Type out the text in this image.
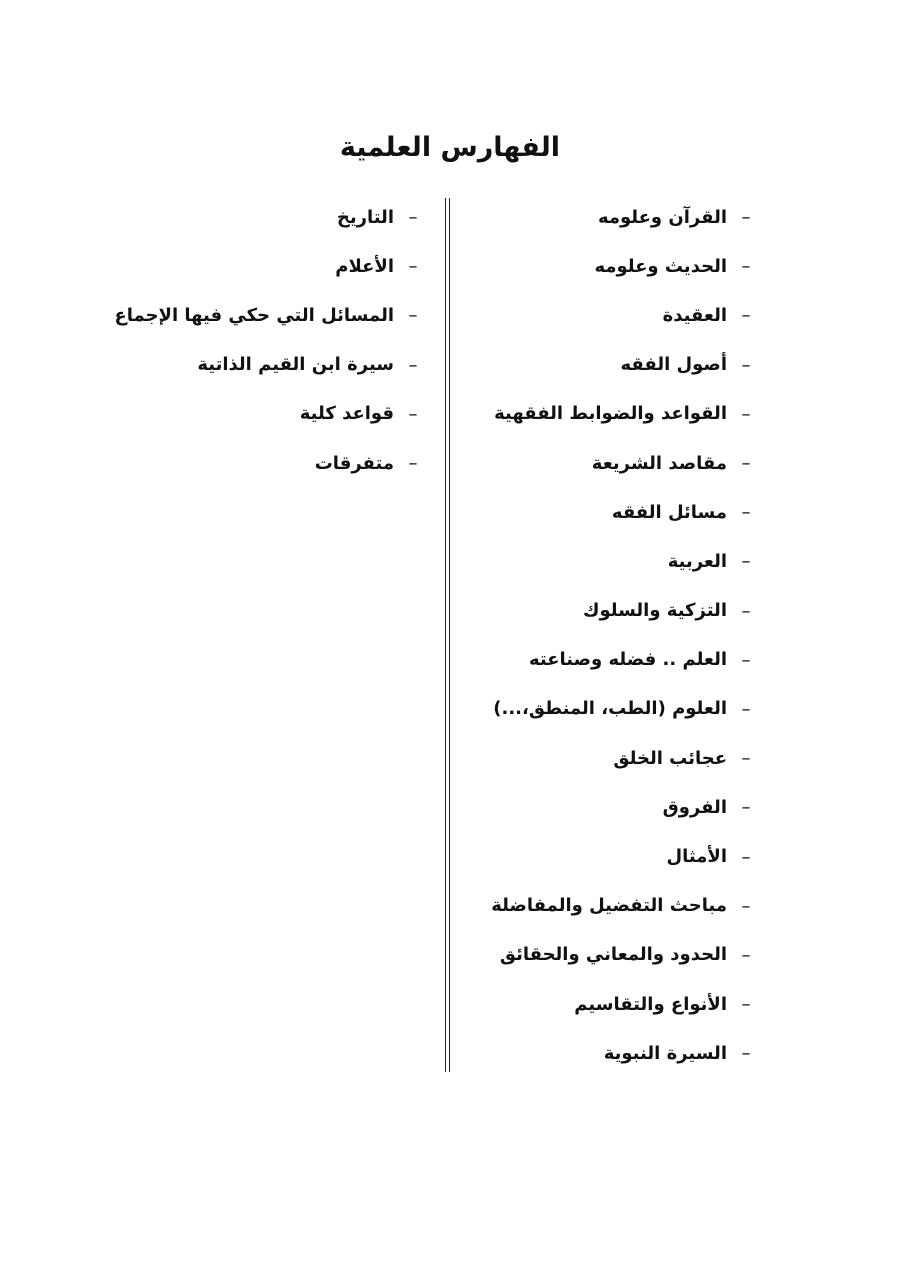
الفهارس العلمية
–
القرآن وعلومه
–
الحديث وعلومه
–
العقيدة
–
أصول الفقه
–
القواعد والضوابط الفقهية
–
مقاصد الشريعة
–
مسائل الفقه
–
العربية
–
التزكية والسلوك
–
العلم .. فضله وصناعته
–
العلوم (الطب، المنطق،...)
–
عجائب الخلق
–
الفروق
–
الأمثال
–
مباحث التفضيل والمفاضلة
–
الحدود والمعاني والحقائق
–
الأنواع والتقاسيم
–
السيرة النبوية
–
التاريخ
–
الأعلام
–
المسائل التي حكي فيها الإجماع
–
سيرة ابن القيم الذاتية
–
قواعد كلية
–
متفرقات
